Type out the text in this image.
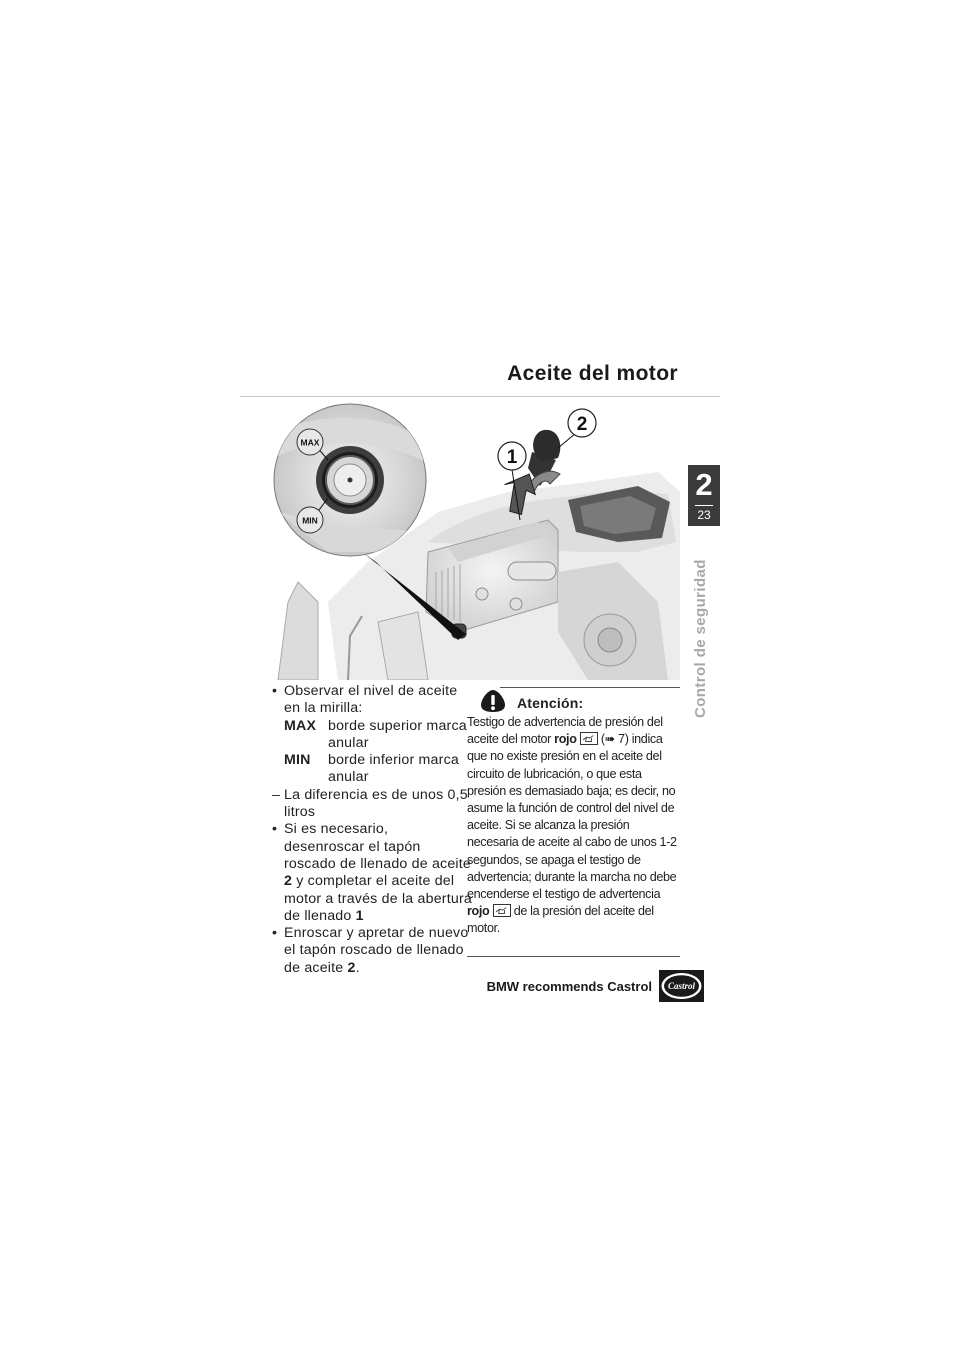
Aceite del motor
2
23
Control de seguridad
MAX
MIN
1
2
• Observar el nivel de aceite en la mirilla:
MAX borde superior marca anular
MIN	borde inferior marca anular
– La diferencia es de unos 0,5 litros
• Si es necesario, desenroscar el tapón roscado de llenado de aceite 2 y completar el aceite del motor a través de la abertura de llenado 1
• Enroscar y apretar de nuevo el tapón roscado de llenado de aceite 2.
Atención:

Testigo de advertencia de presión del aceite del motor rojo
(➠ 7) indica que no existe presión en el aceite del circuito de lubricación, o que esta presión es demasiado baja; es decir, no asume la función de control del nivel de aceite. Si se alcanza la presión necesaria de aceite al cabo de unos 1-2 segundos, se apaga el testigo de advertencia; durante la marcha no debe encenderse el testigo de advertencia rojo
de la presión del aceite del motor.

BMW recommends Castrol Castrol
